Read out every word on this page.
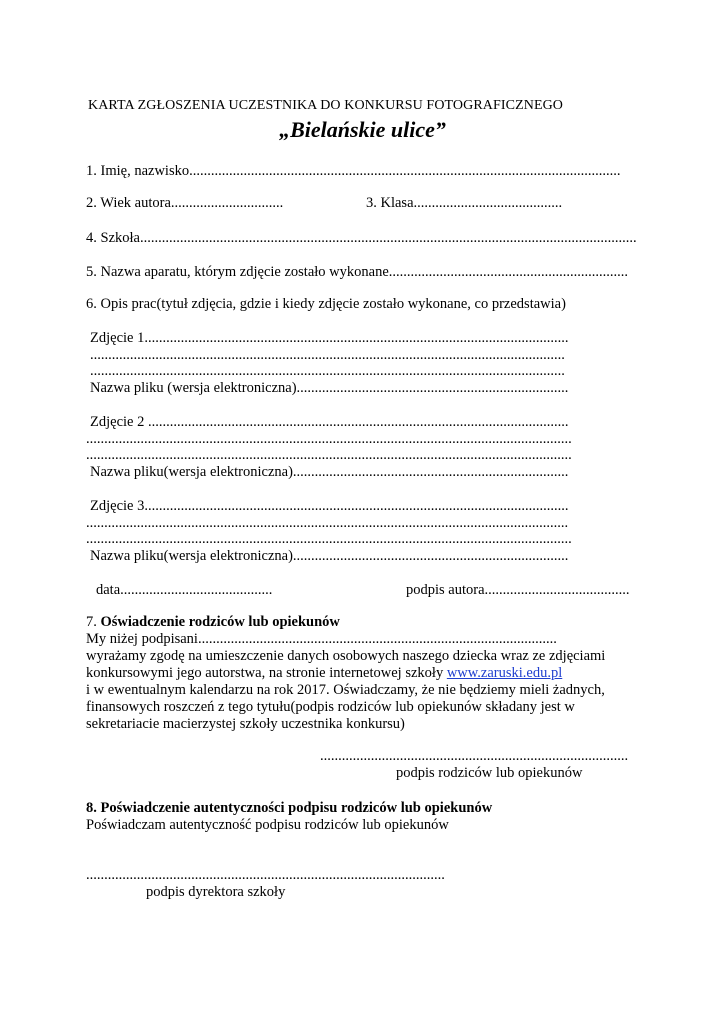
KARTA ZGŁOSZENIA UCZESTNIKA DO KONKURSU FOTOGRAFICZNEGO
„Bielańskie ulice”
1. Imię, nazwisko.......................................................................................................................
2. Wiek autora...............................	3. Klasa.........................................
4. Szkoła.........................................................................................................................................
5. Nazwa aparatu, którym zdjęcie zostało wykonane..................................................................
6. Opis prac(tytuł zdjęcia, gdzie i kiedy zdjęcie zostało wykonane, co przedstawia)
Zdjęcie 1.....................................................................................................................
...................................................................................................................................
...................................................................................................................................
Nazwa pliku (wersja elektroniczna)...........................................................................
Zdjęcie 2 ....................................................................................................................
......................................................................................................................................
......................................................................................................................................
Nazwa pliku(wersja elektroniczna)............................................................................
Zdjęcie 3.....................................................................................................................
.....................................................................................................................................
......................................................................................................................................
Nazwa pliku(wersja elektroniczna)............................................................................
data..........................................	podpis autora........................................
7. Oświadczenie rodziców lub opiekunów
My niżej podpisani...................................................................................................
wyrażamy zgodę na umieszczenie danych osobowych naszego dziecka wraz ze zdjęciami
konkursowymi jego autorstwa, na stronie internetowej szkoły www.zaruski.edu.pl
i w ewentualnym kalendarzu na rok 2017. Oświadczamy, że nie będziemy mieli żadnych,
finansowych roszczeń z tego tytułu(podpis rodziców lub opiekunów składany jest w
sekretariacie macierzystej szkoły uczestnika konkursu)
.....................................................................................
podpis rodziców lub opiekunów
8. Poświadczenie autentyczności podpisu rodziców lub opiekunów
Poświadczam autentyczność podpisu rodziców lub opiekunów
...................................................................................................
podpis dyrektora szkoły
